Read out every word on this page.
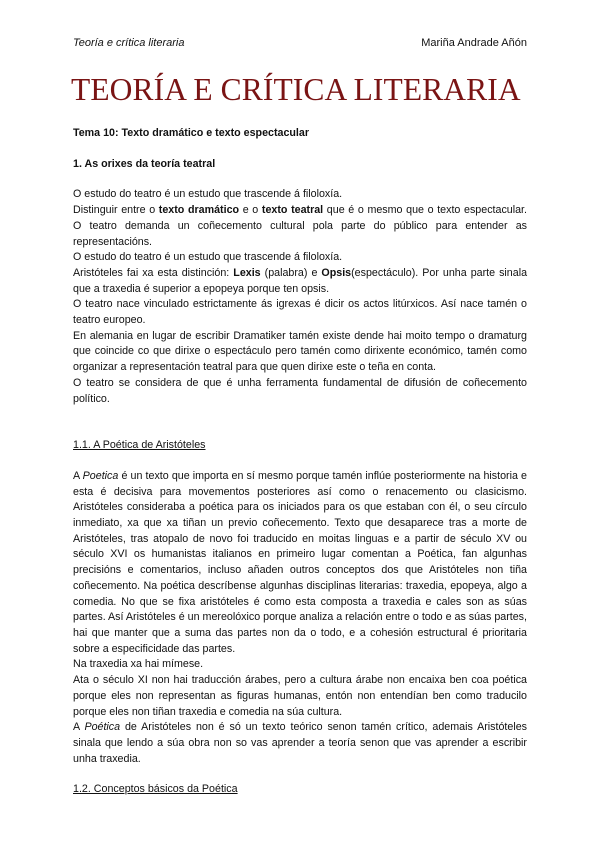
Teoría e crítica literaria	Mariña Andrade Añón
TEORÍA E CRÍTICA LITERARIA

Tema 10: Texto dramático e texto espectacular

1. As orixes da teoría teatral

O estudo do teatro é un estudo que trascende á filoloxía.

Distinguir entre o texto dramático e o texto teatral que é o mesmo que o texto espectacular. O teatro demanda un coñecemento cultural pola parte do público para entender as representacións.

O estudo do teatro é un estudo que trascende á filoloxía.

Aristóteles fai xa esta distinción: Lexis (palabra) e Opsis(espectáculo). Por unha parte sinala que a traxedia é superior a epopeya porque ten opsis.

O teatro nace vinculado estrictamente ás igrexas é dicir os actos litúrxicos. Así nace tamén o teatro europeo.

En alemania en lugar de escribir Dramatiker tamén existe dende hai moito tempo o dramaturg que coincide co que dirixe o espectáculo pero tamén como dirixente económico, tamén como organizar a representación teatral para que quen dirixe este o teña en conta.

O teatro se considera de que é unha ferramenta fundamental de difusión de coñecemento político.

1.1. A Poética de Aristóteles

A Poetica é un texto que importa en sí mesmo porque tamén inflúe posteriormente na historia e esta é decisiva para movementos posteriores así como o renacemento ou clasicismo. Aristóteles consideraba a poética para os iniciados para os que estaban con él, o seu círculo inmediato, xa que xa tiñan un previo coñecemento. Texto que desaparece tras a morte de Aristóteles, tras atopalo de novo foi traducido en moitas linguas e a partir de século XV ou século XVI os humanistas italianos en primeiro lugar comentan a Poética, fan algunhas precisións e comentarios, incluso añaden outros conceptos dos que Aristóteles non tiña coñecemento. Na poética descríbense algunhas disciplinas literarias: traxedia, epopeya, algo a comedia. No que se fixa aristóteles é como esta composta a traxedia e cales son as súas partes. Así Aristóteles é un mereolóxico porque analiza a relación entre o todo e as súas partes, hai que manter que a suma das partes non da o todo, e a cohesión estructural é prioritaria sobre a especificidade das partes.

Na traxedia xa hai mímese.

Ata o século XI non hai traducción árabes, pero a cultura árabe non encaixa ben coa poética porque eles non representan as figuras humanas, entón non entendían ben como traducilo porque eles non tiñan traxedia e comedia na súa cultura.

A Poética de Aristóteles non é só un texto teórico senon tamén crítico, ademais Aristóteles sinala que lendo a súa obra non so vas aprender a teoría senon que vas aprender a escribir unha traxedia.

1.2. Conceptos básicos da Poética
